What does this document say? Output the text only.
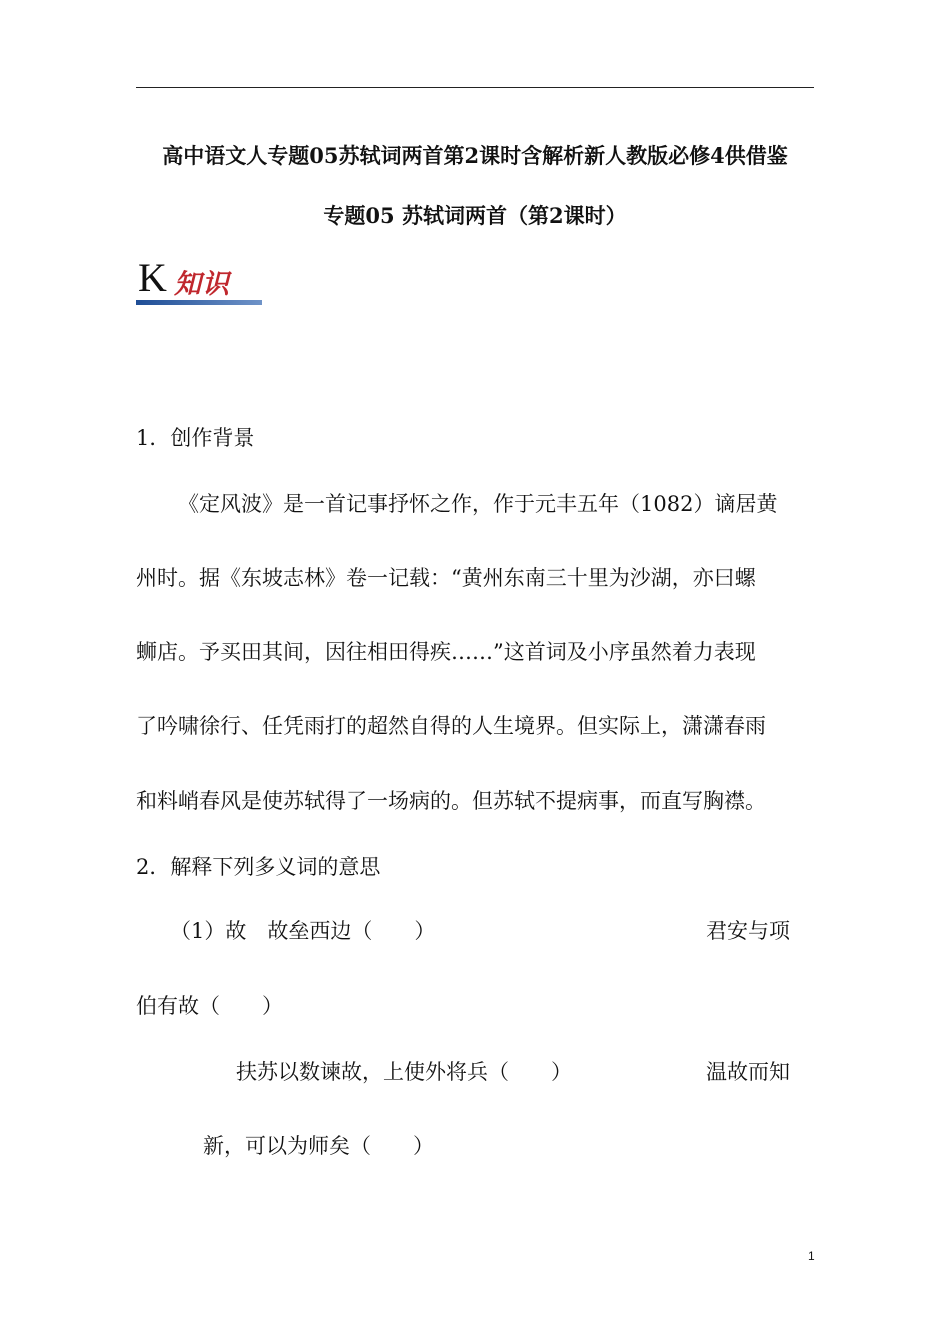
高中语文人专题05苏轼词两首第2课时含解析新人教版必修4供借鉴
专题05 苏轼词两首（第2课时）
K 知识
1．创作背景
《定风波》是一首记事抒怀之作，作于元丰五年（1082）谪居黄
州时。据《东坡志林》卷一记载：“黄州东南三十里为沙湖，亦曰螺
蛳店。予买田其间，因往相田得疾……”这首词及小序虽然着力表现
了吟啸徐行、任凭雨打的超然自得的人生境界。但实际上，潇潇春雨
和料峭春风是使苏轼得了一场病的。但苏轼不提病事，而直写胸襟。
2．解释下列多义词的意思
（1）故　故垒西边（　　）	君安与项
伯有故（　　）
扶苏以数谏故，上使外将兵（　　）	温故而知
新，可以为师矣（　　）
1
